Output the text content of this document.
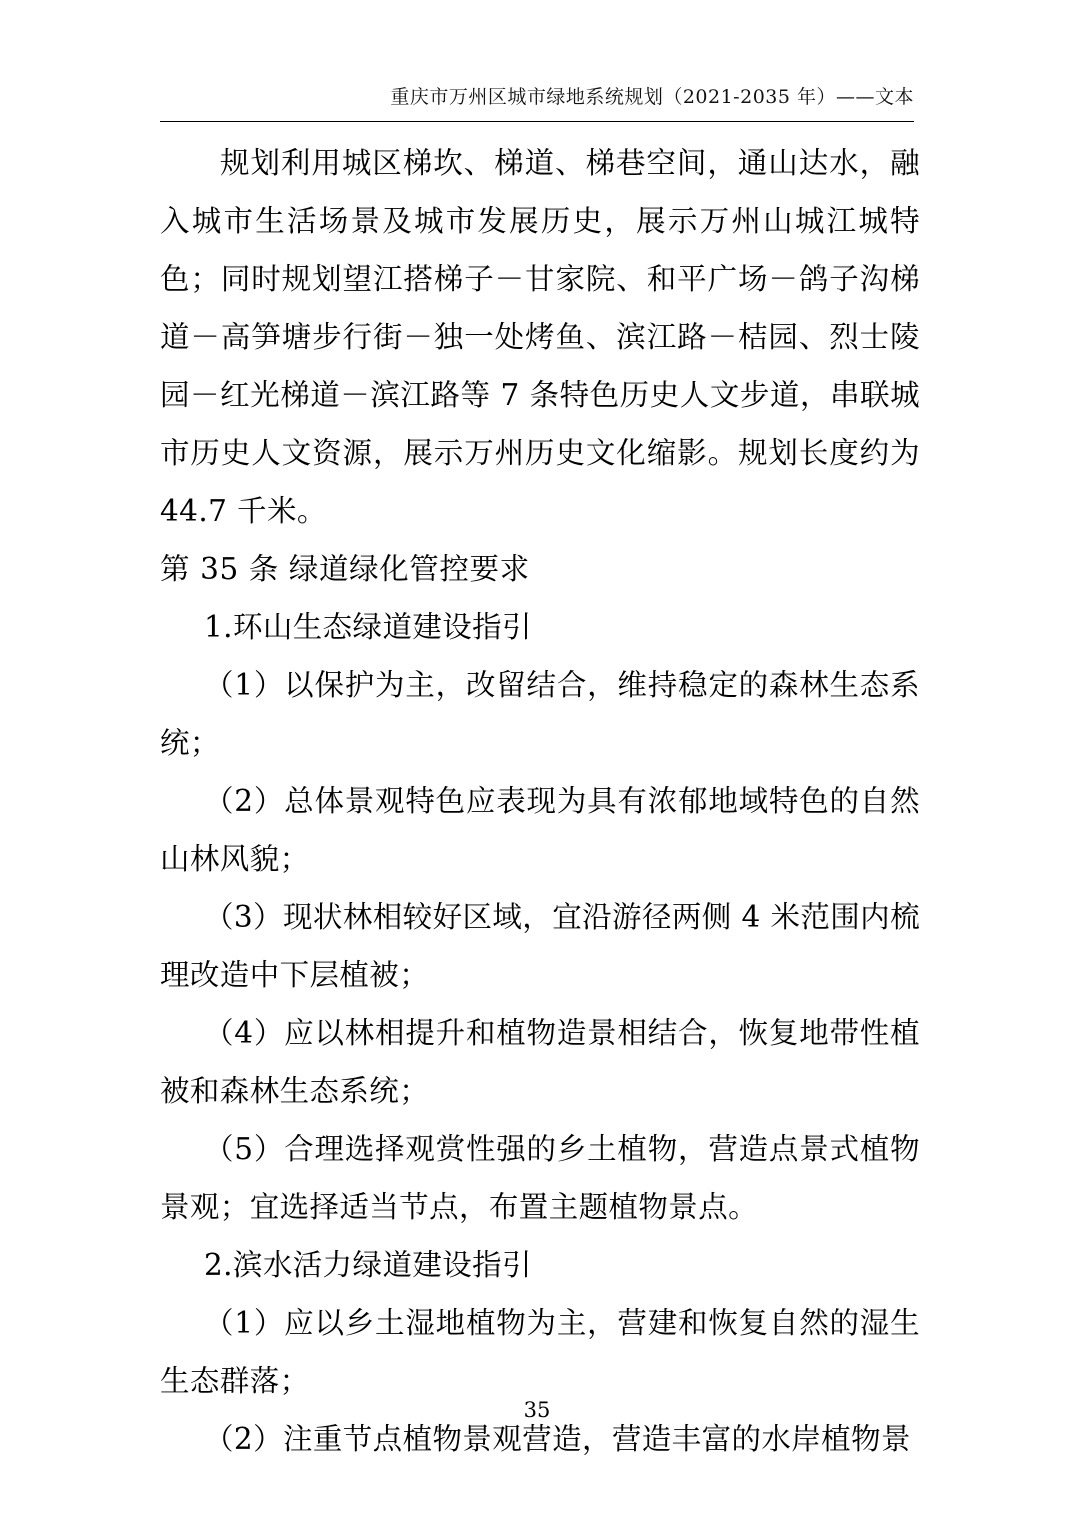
重庆市万州区城市绿地系统规划（2021-2035 年）——文本

规划利用城区梯坎、梯道、梯巷空间，通山达水，融入城市生活场景及城市发展历史，展示万州山城江城特色；同时规划望江搭梯子－甘家院、和平广场－鸽子沟梯道－高笋塘步行街－独一处烤鱼、滨江路－桔园、烈士陵园－红光梯道－滨江路等 7 条特色历史人文步道，串联城市历史人文资源，展示万州历史文化缩影。规划长度约为 44.7 千米。

第 35 条 绿道绿化管控要求

1.环山生态绿道建设指引

（1）以保护为主，改留结合，维持稳定的森林生态系统；

（2）总体景观特色应表现为具有浓郁地域特色的自然山林风貌；

（3）现状林相较好区域，宜沿游径两侧 4 米范围内梳理改造中下层植被；

（4）应以林相提升和植物造景相结合，恢复地带性植被和森林生态系统；

（5）合理选择观赏性强的乡土植物，营造点景式植物景观；宜选择适当节点，布置主题植物景点。

2.滨水活力绿道建设指引

（1）应以乡土湿地植物为主，营建和恢复自然的湿生生态群落；

（2）注重节点植物景观营造，营造丰富的水岸植物景

35
